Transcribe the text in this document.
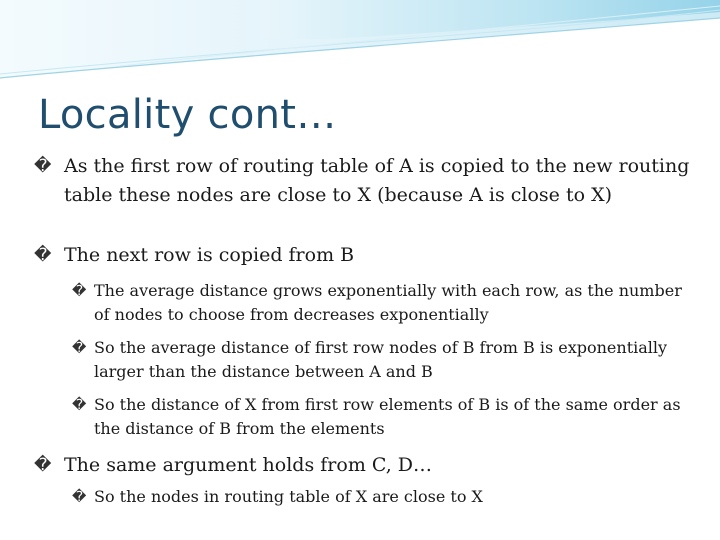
Locality cont…
� As the first row of routing table of A is copied to the new routing table these nodes are close to X (because A is close to X)
� The next row is copied from B
� The average distance grows exponentially with each row, as the number of nodes to choose from decreases exponentially
� So the average distance of first row nodes of B from B is exponentially larger than the distance between A and B
� So the distance of X from first row elements of B is of the same order as the distance of B from the elements
� The same argument holds from C, D…
� So the nodes in routing table of X are close to X
